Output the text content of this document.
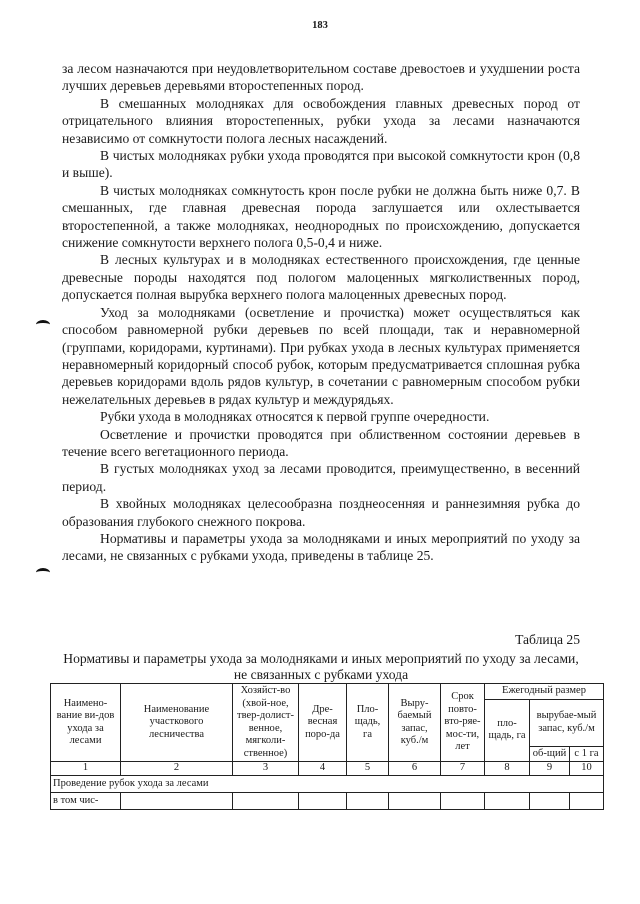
183

за лесом назначаются при неудовлетворительном составе древостоев и ухудшении роста лучших деревьев деревьями второстепенных пород.

В смешанных молодняках для освобождения главных древесных пород от отрицательного влияния второстепенных, рубки ухода за лесами назначаются независимо от сомкнутости полога лесных насаждений.

В чистых молодняках рубки ухода проводятся при высокой сомкнутости крон (0,8 и выше).

В чистых молодняках сомкнутость крон после рубки не должна быть ниже 0,7. В смешанных, где главная древесная порода заглушается или охлестывается второстепенной, а также молодняках, неоднородных по происхождению, допускается снижение сомкнутости верхнего полога 0,5-0,4 и ниже.

В лесных культурах и в молодняках естественного происхождения, где ценные древесные породы находятся под пологом малоценных мягколиственных пород, допускается полная вырубка верхнего полога малоценных древесных пород.

Уход за молодняками (осветление и прочистка) может осуществляться как способом равномерной рубки деревьев по всей площади, так и неравномерной (группами, коридорами, куртинами). При рубках ухода в лесных культурах применяется неравномерный коридорный способ рубок, которым предусматривается сплошная рубка деревьев коридорами вдоль рядов культур, в сочетании с равномерным способом рубки нежелательных деревьев в рядах культур и междурядьях.

Рубки ухода в молодняках относятся к первой группе очередности.

Осветление и прочистки проводятся при облиственном состоянии деревьев в течение всего вегетационного периода.

В густых молодняках уход за лесами проводится, преимущественно, в весенний период.

В хвойных молодняках целесообразна позднеосенняя и раннезимняя рубка до образования глубокого снежного покрова.

Нормативы и параметры ухода за молодняками и иных мероприятий по уходу за лесами, не связанных с рубками ухода, приведены в таблице 25.

Таблица 25
Нормативы и параметры ухода за молодняками и иных мероприятий по уходу за лесами, не связанных с рубками ухода
Наимено-вание ви-дов ухода за лесами	Наименование участкового лесничества	Хозяйст-во (хвой-ное, твер-долист-венное, мягколи-ственное)	Дре-весная поро-да	Пло-щадь, га	Выру-баемый запас, куб./м	Срок повто-вто-ряе-мос-ти, лет	Ежегодный размер		
							пло-щадь, га	вырубае-мый запас, куб./м	
								об-щий	с 1 га
1	2	3	4	5	6	7	8	9	10
Проведение рубок ухода за лесами									
в том чис-									
